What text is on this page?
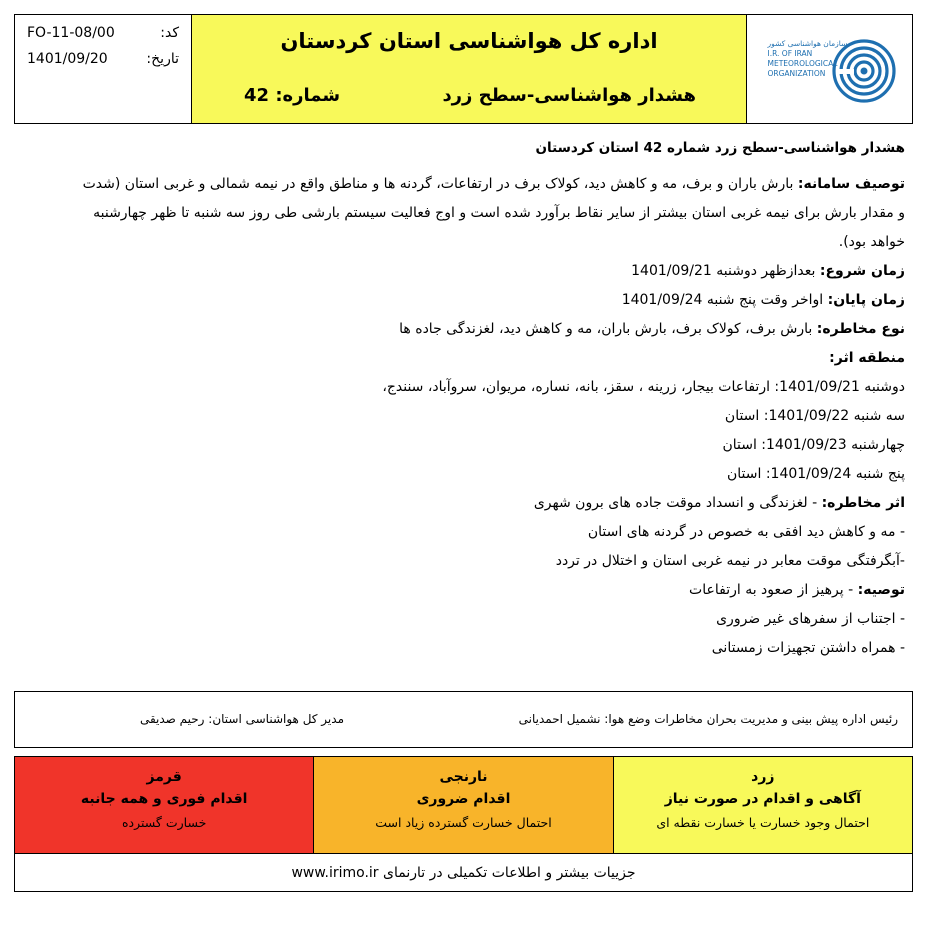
FO-11-08/00	کد:
1401/09/20	تاریخ:
اداره کل هواشناسی استان کردستان
هشدار هواشناسی-سطح زرد
شماره: 42
سازمان هواشناسی کشور
I.R. OF IRAN
METEOROLOGICAL
ORGANIZATION
هشدار هواشناسی-سطح زرد شماره 42 استان کردستان
توصیف سامانه: بارش باران و برف، مه و کاهش دید، کولاک برف در ارتفاعات، گردنه ها و مناطق واقع در نیمه شمالی و غربی استان (شدت
و مقدار بارش برای نیمه غربی استان بیشتر از سایر نقاط برآورد شده است و اوج فعالیت سیستم بارشی طی روز سه شنبه تا ظهر چهارشنبه
خواهد بود).
زمان شروع: بعدازظهر دوشنبه 1401/09/21
زمان پایان: اواخر وقت پنج شنبه 1401/09/24
نوع مخاطره: بارش برف، کولاک برف، بارش باران، مه و کاهش دید، لغزندگی جاده ها
منطقه اثر:
دوشنبه 1401/09/21: ارتفاعات بیجار، زرینه ، سقز، بانه، نساره، مریوان، سروآباد، سنندج،
سه شنبه 1401/09/22: استان
چهارشنبه 1401/09/23: استان
پنج شنبه 1401/09/24: استان
اثر مخاطره: - لغزندگی و انسداد موقت جاده های برون شهری
- مه و کاهش دید افقی به خصوص در گردنه های استان
-آبگرفتگی موقت معابر در نیمه غربی استان و اختلال در تردد
توصیه: - پرهیز از صعود به ارتفاعات
- اجتناب از سفرهای غیر ضروری
- همراه داشتن تجهیزات زمستانی
رئیس اداره پیش بینی و مدیریت بحران مخاطرات وضع هوا: نشمیل احمدیانی
مدیر کل هواشناسی استان: رحیم صدیقی
قرمز
اقدام فوری و همه جانبه
خسارت گسترده
نارنجی
اقدام ضروری
احتمال خسارت گسترده زیاد است
زرد
آگاهی و اقدام در صورت نیاز
احتمال وجود خسارت یا خسارت نقطه ای
جزییات بیشتر و اطلاعات تکمیلی در تارنمای www.irimo.ir
